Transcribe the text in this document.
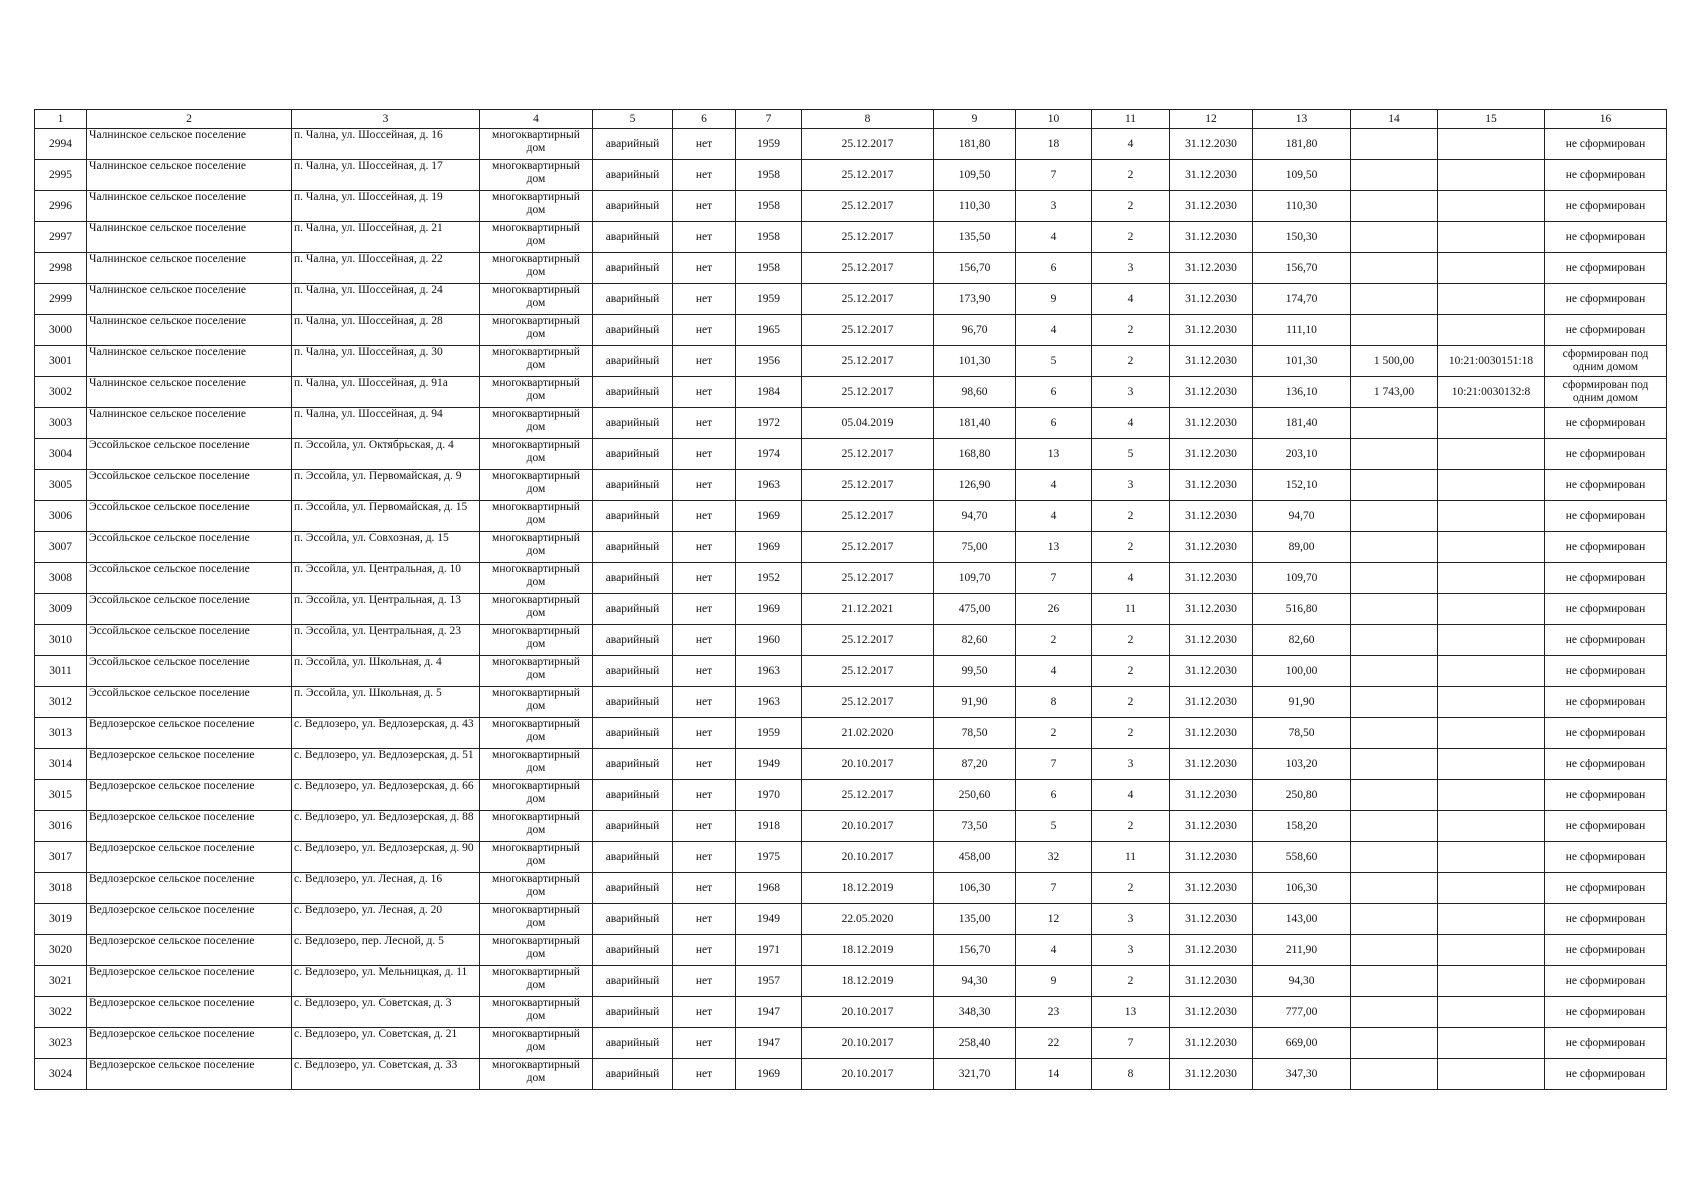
1	2	3	4	5	6	7	8	9	10	11	12	13	14	15	16
2994	Чалнинское сельское поселение	п. Чална, ул. Шоссейная, д. 16	многоквартирный дом	аварийный	нет	1959	25.12.2017	181,80	18	4	31.12.2030	181,80			не сформирован
2995	Чалнинское сельское поселение	п. Чална, ул. Шоссейная, д. 17	многоквартирный дом	аварийный	нет	1958	25.12.2017	109,50	7	2	31.12.2030	109,50			не сформирован
2996	Чалнинское сельское поселение	п. Чална, ул. Шоссейная, д. 19	многоквартирный дом	аварийный	нет	1958	25.12.2017	110,30	3	2	31.12.2030	110,30			не сформирован
2997	Чалнинское сельское поселение	п. Чална, ул. Шоссейная, д. 21	многоквартирный дом	аварийный	нет	1958	25.12.2017	135,50	4	2	31.12.2030	150,30			не сформирован
2998	Чалнинское сельское поселение	п. Чална, ул. Шоссейная, д. 22	многоквартирный дом	аварийный	нет	1958	25.12.2017	156,70	6	3	31.12.2030	156,70			не сформирован
2999	Чалнинское сельское поселение	п. Чална, ул. Шоссейная, д. 24	многоквартирный дом	аварийный	нет	1959	25.12.2017	173,90	9	4	31.12.2030	174,70			не сформирован
3000	Чалнинское сельское поселение	п. Чална, ул. Шоссейная, д. 28	многоквартирный дом	аварийный	нет	1965	25.12.2017	96,70	4	2	31.12.2030	111,10			не сформирован
3001	Чалнинское сельское поселение	п. Чална, ул. Шоссейная, д. 30	многоквартирный дом	аварийный	нет	1956	25.12.2017	101,30	5	2	31.12.2030	101,30	1 500,00	10:21:0030151:18	сформирован под одним домом
3002	Чалнинское сельское поселение	п. Чална, ул. Шоссейная, д. 91а	многоквартирный дом	аварийный	нет	1984	25.12.2017	98,60	6	3	31.12.2030	136,10	1 743,00	10:21:0030132:8	сформирован под одним домом
3003	Чалнинское сельское поселение	п. Чална, ул. Шоссейная, д. 94	многоквартирный дом	аварийный	нет	1972	05.04.2019	181,40	6	4	31.12.2030	181,40			не сформирован
3004	Эссойльское сельское поселение	п. Эссойла, ул. Октябрьская, д. 4	многоквартирный дом	аварийный	нет	1974	25.12.2017	168,80	13	5	31.12.2030	203,10			не сформирован
3005	Эссойльское сельское поселение	п. Эссойла, ул. Первомайская, д. 9	многоквартирный дом	аварийный	нет	1963	25.12.2017	126,90	4	3	31.12.2030	152,10			не сформирован
3006	Эссойльское сельское поселение	п. Эссойла, ул. Первомайская, д. 15	многоквартирный дом	аварийный	нет	1969	25.12.2017	94,70	4	2	31.12.2030	94,70			не сформирован
3007	Эссойльское сельское поселение	п. Эссойла, ул. Совхозная, д. 15	многоквартирный дом	аварийный	нет	1969	25.12.2017	75,00	13	2	31.12.2030	89,00			не сформирован
3008	Эссойльское сельское поселение	п. Эссойла, ул. Центральная, д. 10	многоквартирный дом	аварийный	нет	1952	25.12.2017	109,70	7	4	31.12.2030	109,70			не сформирован
3009	Эссойльское сельское поселение	п. Эссойла, ул. Центральная, д. 13	многоквартирный дом	аварийный	нет	1969	21.12.2021	475,00	26	11	31.12.2030	516,80			не сформирован
3010	Эссойльское сельское поселение	п. Эссойла, ул. Центральная, д. 23	многоквартирный дом	аварийный	нет	1960	25.12.2017	82,60	2	2	31.12.2030	82,60			не сформирован
3011	Эссойльское сельское поселение	п. Эссойла, ул. Школьная, д. 4	многоквартирный дом	аварийный	нет	1963	25.12.2017	99,50	4	2	31.12.2030	100,00			не сформирован
3012	Эссойльское сельское поселение	п. Эссойла, ул. Школьная, д. 5	многоквартирный дом	аварийный	нет	1963	25.12.2017	91,90	8	2	31.12.2030	91,90			не сформирован
3013	Ведлозерское сельское поселение	с. Ведлозеро, ул. Ведлозерская, д. 43	многоквартирный дом	аварийный	нет	1959	21.02.2020	78,50	2	2	31.12.2030	78,50			не сформирован
3014	Ведлозерское сельское поселение	с. Ведлозеро, ул. Ведлозерская, д. 51	многоквартирный дом	аварийный	нет	1949	20.10.2017	87,20	7	3	31.12.2030	103,20			не сформирован
3015	Ведлозерское сельское поселение	с. Ведлозеро, ул. Ведлозерская, д. 66	многоквартирный дом	аварийный	нет	1970	25.12.2017	250,60	6	4	31.12.2030	250,80			не сформирован
3016	Ведлозерское сельское поселение	с. Ведлозеро, ул. Ведлозерская, д. 88	многоквартирный дом	аварийный	нет	1918	20.10.2017	73,50	5	2	31.12.2030	158,20			не сформирован
3017	Ведлозерское сельское поселение	с. Ведлозеро, ул. Ведлозерская, д. 90	многоквартирный дом	аварийный	нет	1975	20.10.2017	458,00	32	11	31.12.2030	558,60			не сформирован
3018	Ведлозерское сельское поселение	с. Ведлозеро, ул. Лесная, д. 16	многоквартирный дом	аварийный	нет	1968	18.12.2019	106,30	7	2	31.12.2030	106,30			не сформирован
3019	Ведлозерское сельское поселение	с. Ведлозеро, ул. Лесная, д. 20	многоквартирный дом	аварийный	нет	1949	22.05.2020	135,00	12	3	31.12.2030	143,00			не сформирован
3020	Ведлозерское сельское поселение	с. Ведлозеро, пер. Лесной, д. 5	многоквартирный дом	аварийный	нет	1971	18.12.2019	156,70	4	3	31.12.2030	211,90			не сформирован
3021	Ведлозерское сельское поселение	с. Ведлозеро, ул. Мельницкая, д. 11	многоквартирный дом	аварийный	нет	1957	18.12.2019	94,30	9	2	31.12.2030	94,30			не сформирован
3022	Ведлозерское сельское поселение	с. Ведлозеро, ул. Советская, д. 3	многоквартирный дом	аварийный	нет	1947	20.10.2017	348,30	23	13	31.12.2030	777,00			не сформирован
3023	Ведлозерское сельское поселение	с. Ведлозеро, ул. Советская, д. 21	многоквартирный дом	аварийный	нет	1947	20.10.2017	258,40	22	7	31.12.2030	669,00			не сформирован
3024	Ведлозерское сельское поселение	с. Ведлозеро, ул. Советская, д. 33	многоквартирный дом	аварийный	нет	1969	20.10.2017	321,70	14	8	31.12.2030	347,30			не сформирован
